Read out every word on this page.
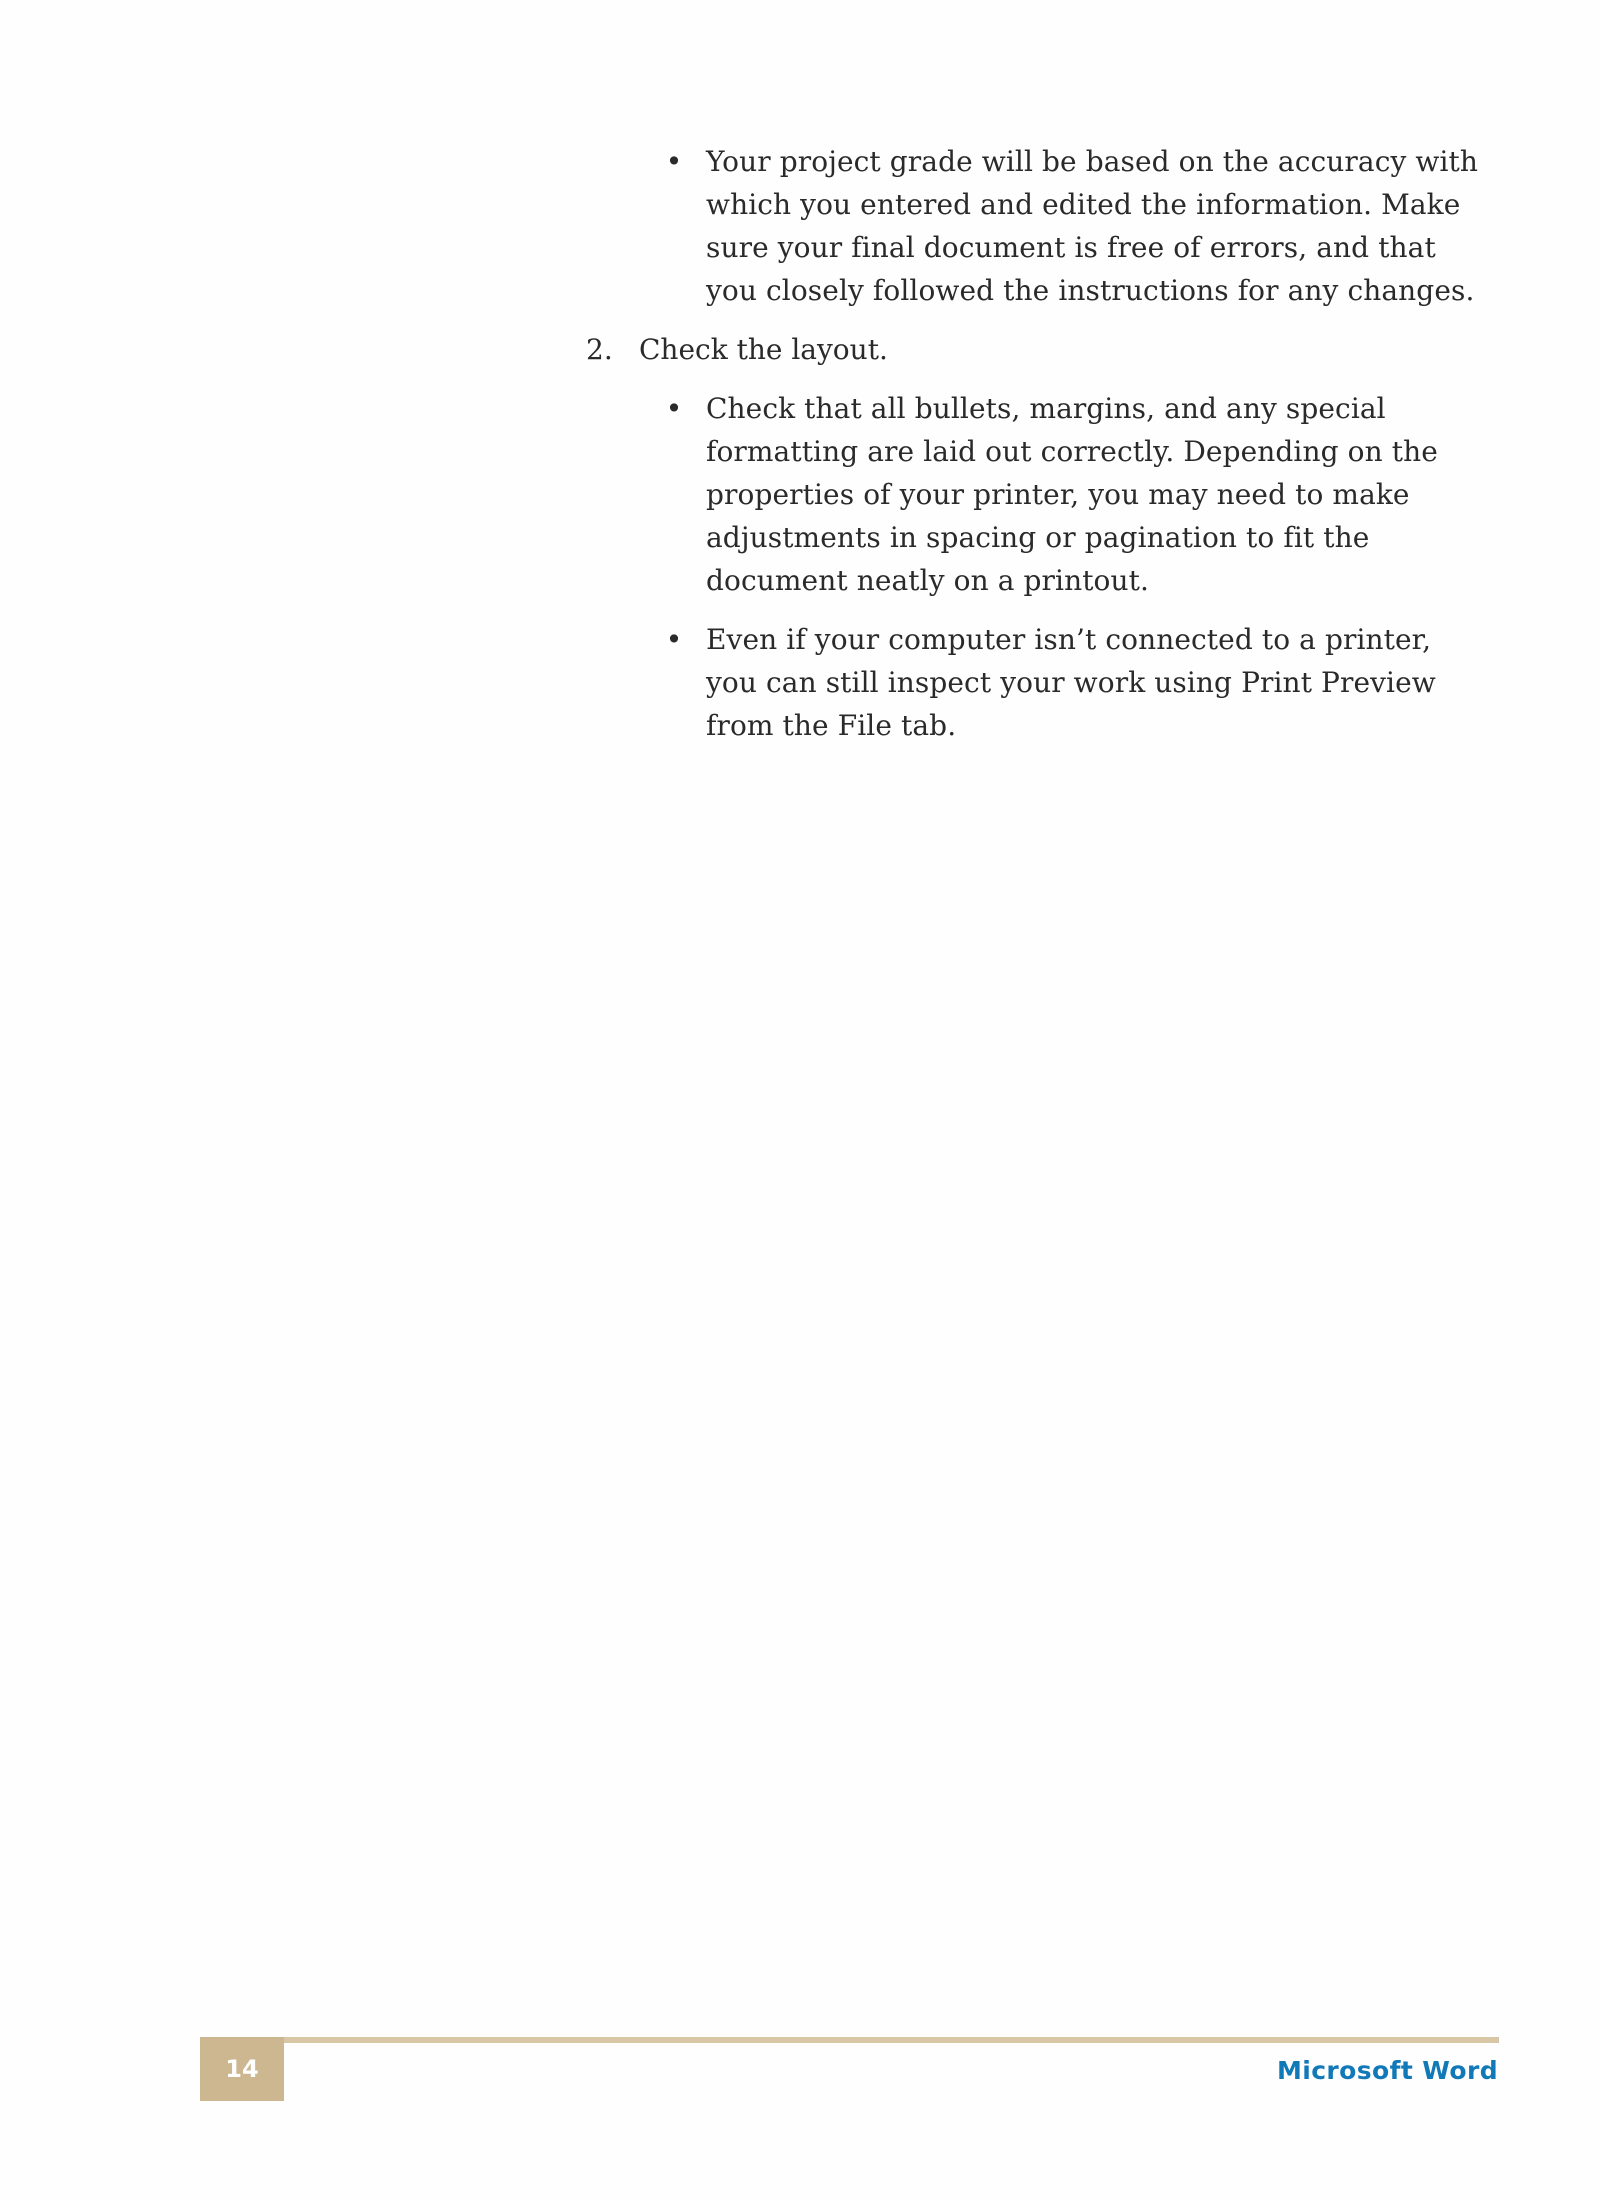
• Your project grade will be based on the accuracy with which you entered and edited the information. Make sure your final document is free of errors, and that you closely followed the instructions for any changes.
2. Check the layout.
• Check that all bullets, margins, and any special formatting are laid out correctly. Depending on the properties of your printer, you may need to make adjustments in spacing or pagination to fit the document neatly on a printout.
• Even if your computer isn’t connected to a printer, you can still inspect your work using Print Preview from the File tab.
14	Microsoft Word
